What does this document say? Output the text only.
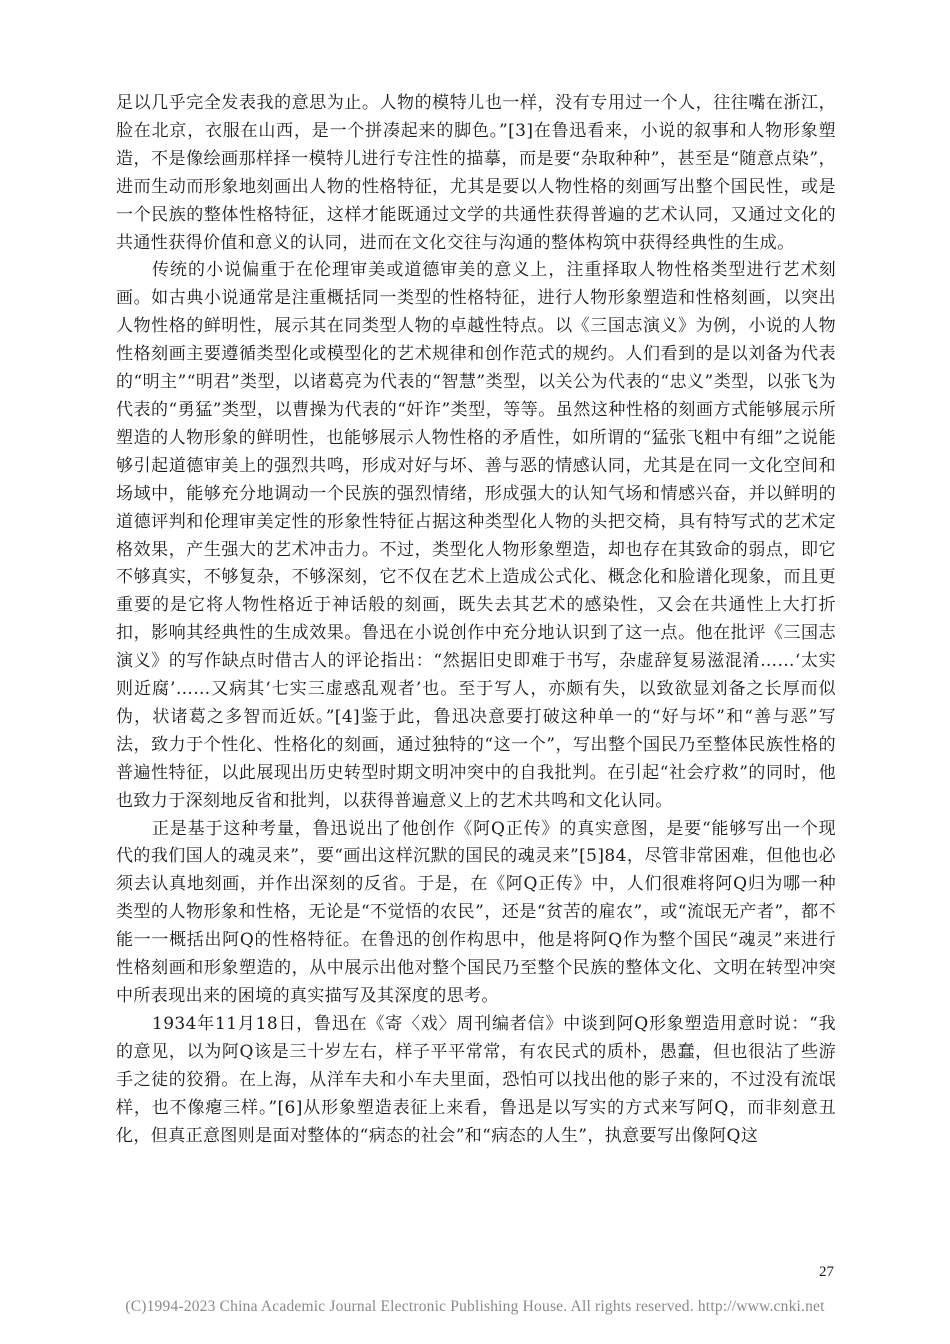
足以几乎完全发表我的意思为止。人物的模特儿也一样，没有专用过一个人，往往嘴在浙江，脸在北京，衣服在山西，是一个拼凑起来的脚色。”[3]在鲁迅看来，小说的叙事和人物形象塑造，不是像绘画那样择一模特儿进行专注性的描摹，而是要“杂取种种”，甚至是“随意点染”，进而生动而形象地刻画出人物的性格特征，尤其是要以人物性格的刻画写出整个国民性，或是一个民族的整体性格特征，这样才能既通过文学的共通性获得普遍的艺术认同，又通过文化的共通性获得价值和意义的认同，进而在文化交往与沟通的整体构筑中获得经典性的生成。

传统的小说偏重于在伦理审美或道德审美的意义上，注重择取人物性格类型进行艺术刻画。如古典小说通常是注重概括同一类型的性格特征，进行人物形象塑造和性格刻画，以突出人物性格的鲜明性，展示其在同类型人物的卓越性特点。以《三国志演义》为例，小说的人物性格刻画主要遵循类型化或模型化的艺术规律和创作范式的规约。人们看到的是以刘备为代表的“明主”“明君”类型，以诸葛亮为代表的“智慧”类型，以关公为代表的“忠义”类型，以张飞为代表的“勇猛”类型，以曹操为代表的“奸诈”类型，等等。虽然这种性格的刻画方式能够展示所塑造的人物形象的鲜明性，也能够展示人物性格的矛盾性，如所谓的“猛张飞粗中有细”之说能够引起道德审美上的强烈共鸣，形成对好与坏、善与恶的情感认同，尤其是在同一文化空间和场域中，能够充分地调动一个民族的强烈情绪，形成强大的认知气场和情感兴奋，并以鲜明的道德评判和伦理审美定性的形象性特征占据这种类型化人物的头把交椅，具有特写式的艺术定格效果，产生强大的艺术冲击力。不过，类型化人物形象塑造，却也存在其致命的弱点，即它不够真实，不够复杂，不够深刻，它不仅在艺术上造成公式化、概念化和脸谱化现象，而且更重要的是它将人物性格近于神话般的刻画，既失去其艺术的感染性，又会在共通性上大打折扣，影响其经典性的生成效果。鲁迅在小说创作中充分地认识到了这一点。他在批评《三国志演义》的写作缺点时借古人的评论指出：“然据旧史即难于书写，杂虚辞复易滋混淆……‘太实则近腐’……又病其‘七实三虚惑乱观者’也。至于写人，亦颇有失，以致欲显刘备之长厚而似伪，状诸葛之多智而近妖。”[4]鉴于此，鲁迅决意要打破这种单一的“好与坏”和“善与恶”写法，致力于个性化、性格化的刻画，通过独特的“这一个”，写出整个国民乃至整体民族性格的普遍性特征，以此展现出历史转型时期文明冲突中的自我批判。在引起“社会疗救”的同时，他也致力于深刻地反省和批判，以获得普遍意义上的艺术共鸣和文化认同。

正是基于这种考量，鲁迅说出了他创作《阿Q正传》的真实意图，是要“能够写出一个现代的我们国人的魂灵来”，要“画出这样沉默的国民的魂灵来”[5]84，尽管非常困难，但他也必须去认真地刻画，并作出深刻的反省。于是，在《阿Q正传》中，人们很难将阿Q归为哪一种类型的人物形象和性格，无论是“不觉悟的农民”，还是“贫苦的雇农”，或“流氓无产者”，都不能一一概括出阿Q的性格特征。在鲁迅的创作构思中，他是将阿Q作为整个国民“魂灵”来进行性格刻画和形象塑造的，从中展示出他对整个国民乃至整个民族的整体文化、文明在转型冲突中所表现出来的困境的真实描写及其深度的思考。

1934年11月18日，鲁迅在《寄〈戏〉周刊编者信》中谈到阿Q形象塑造用意时说：“我的意见，以为阿Q该是三十岁左右，样子平平常常，有农民式的质朴，愚蠢，但也很沾了些游手之徒的狡猾。在上海，从洋车夫和小车夫里面，恐怕可以找出他的影子来的，不过没有流氓样，也不像瘪三样。”[6]从形象塑造表征上来看，鲁迅是以写实的方式来写阿Q，而非刻意丑化，但真正意图则是面对整体的“病态的社会”和“病态的人生”，执意要写出像阿Q这

27
(C)1994-2023 China Academic Journal Electronic Publishing House. All rights reserved. http://www.cnki.net
